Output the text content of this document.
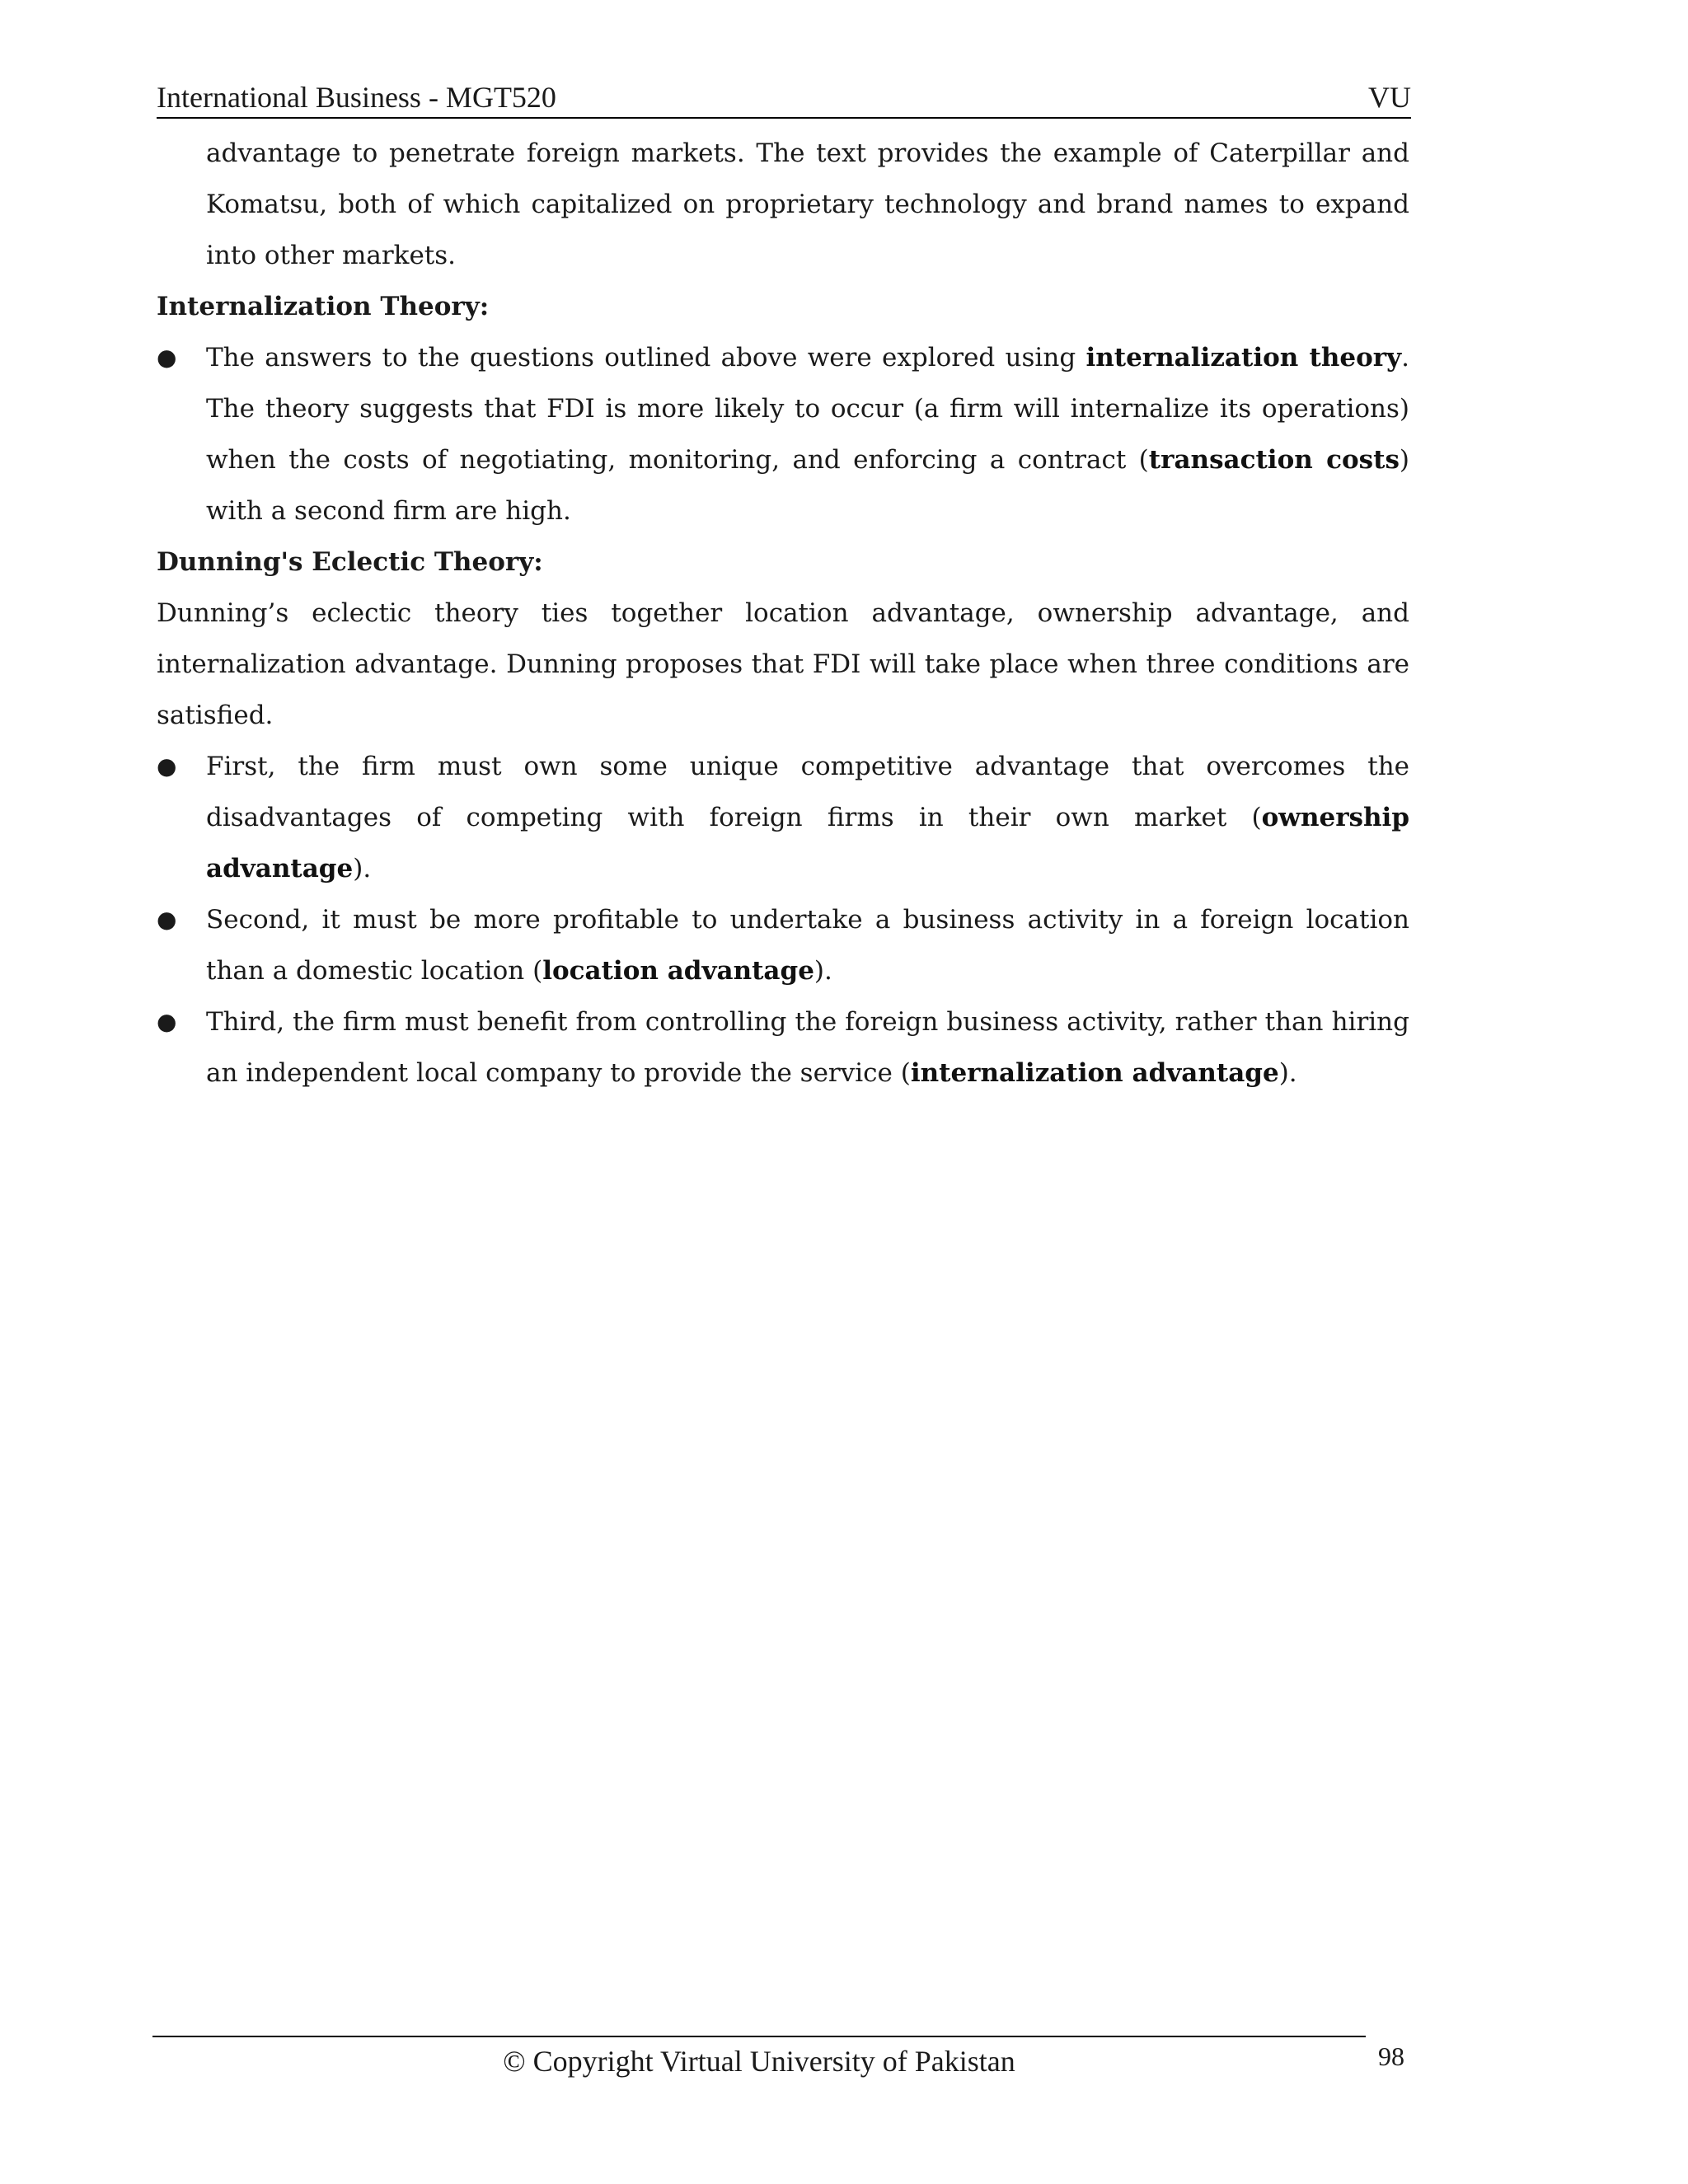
International Business - MGT520	VU

advantage to penetrate foreign markets. The text provides the example of Caterpillar and Komatsu, both of which capitalized on proprietary technology and brand names to expand into other markets.

Internalization Theory:

●	The answers to the questions outlined above were explored using internalization theory. The theory suggests that FDI is more likely to occur (a firm will internalize its operations) when the costs of negotiating, monitoring, and enforcing a contract (transaction costs) with a second firm are high.

Dunning's Eclectic Theory:

Dunning’s eclectic theory ties together location advantage, ownership advantage, and internalization advantage. Dunning proposes that FDI will take place when three conditions are satisfied.

●	First, the firm must own some unique competitive advantage that overcomes the disadvantages of competing with foreign firms in their own market (ownership advantage).
●	Second, it must be more profitable to undertake a business activity in a foreign location than a domestic location (location advantage).
●	Third, the firm must benefit from controlling the foreign business activity, rather than hiring an independent local company to provide the service (internalization advantage).
© Copyright Virtual University of Pakistan	98
